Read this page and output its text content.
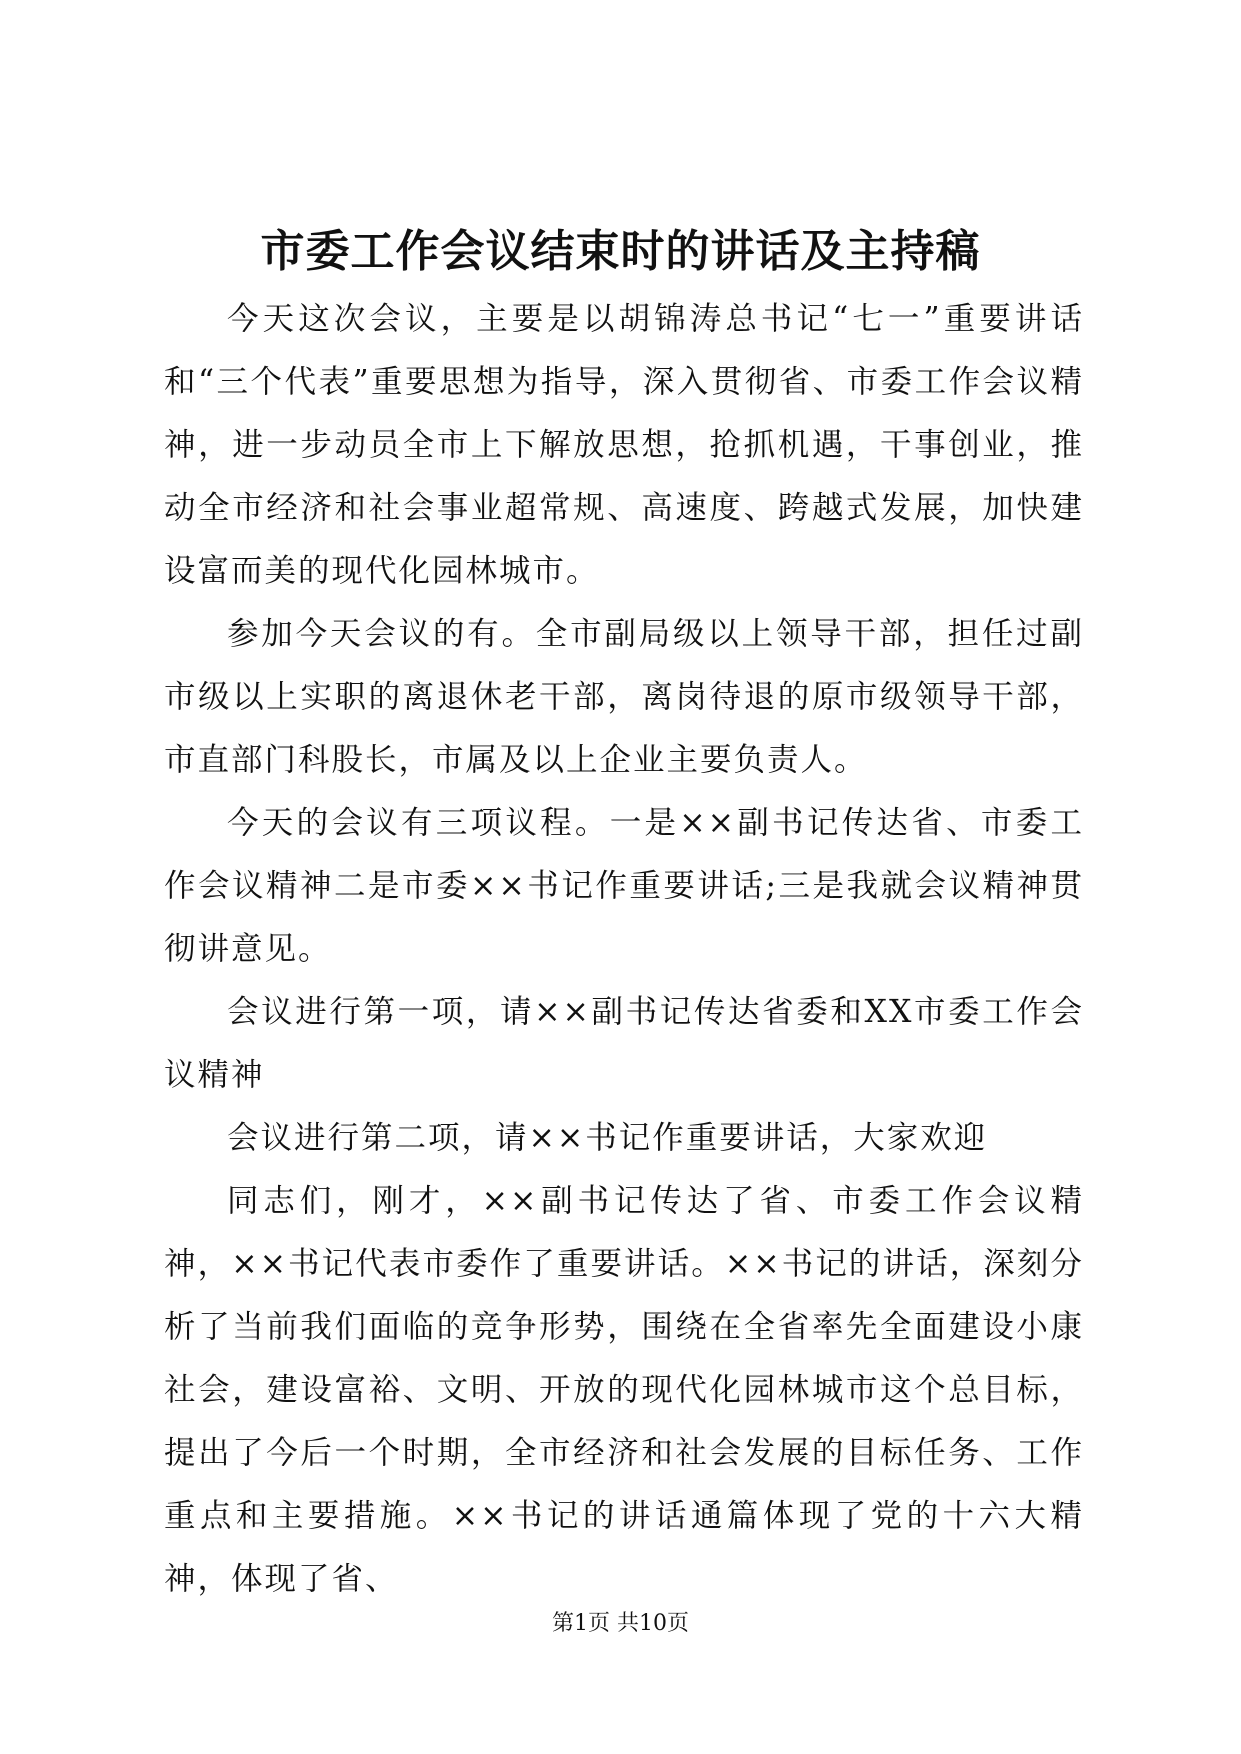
市委工作会议结束时的讲话及主持稿

今天这次会议，主要是以胡锦涛总书记“七一”重要讲话和“三个代表”重要思想为指导，深入贯彻省、市委工作会议精神，进一步动员全市上下解放思想，抢抓机遇，干事创业，推动全市经济和社会事业超常规、高速度、跨越式发展，加快建设富而美的现代化园林城市。

参加今天会议的有。全市副局级以上领导干部，担任过副市级以上实职的离退休老干部，离岗待退的原市级领导干部，市直部门科股长，市属及以上企业主要负责人。

今天的会议有三项议程。一是××副书记传达省、市委工作会议精神二是市委××书记作重要讲话;三是我就会议精神贯彻讲意见。

会议进行第一项，请××副书记传达省委和XX市委工作会议精神

会议进行第二项，请××书记作重要讲话，大家欢迎

同志们，刚才，××副书记传达了省、市委工作会议精神，××书记代表市委作了重要讲话。××书记的讲话，深刻分析了当前我们面临的竞争形势，围绕在全省率先全面建设小康社会，建设富裕、文明、开放的现代化园林城市这个总目标，提出了今后一个时期，全市经济和社会发展的目标任务、工作重点和主要措施。××书记的讲话通篇体现了党的十六大精神，体现了省、

第1页 共10页
